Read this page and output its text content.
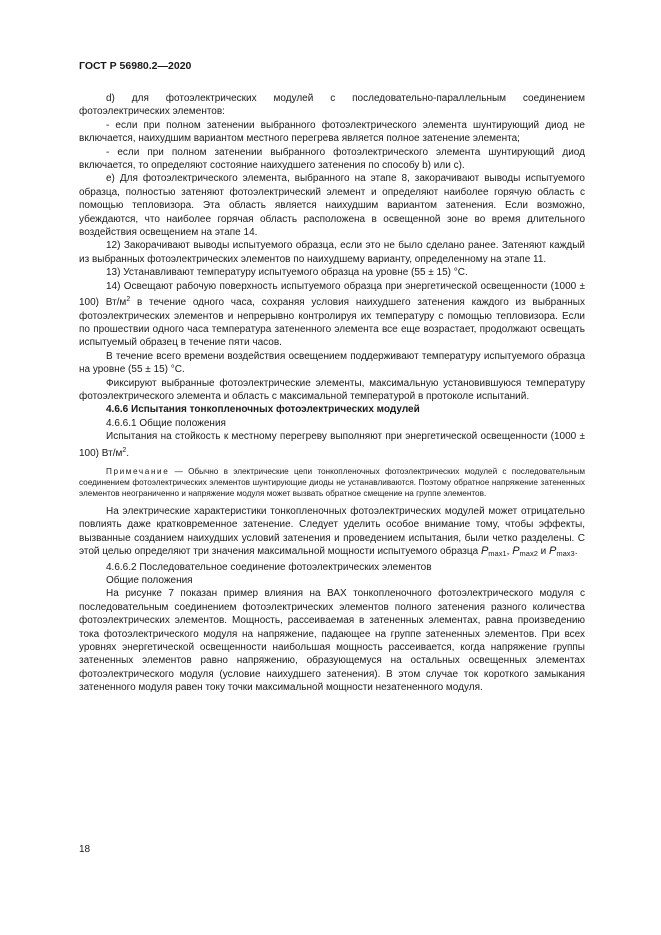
ГОСТ Р 56980.2—2020

d) для фотоэлектрических модулей с последовательно-параллельным соединением фотоэлектрических элементов:

- если при полном затенении выбранного фотоэлектрического элемента шунтирующий диод не включается, наихудшим вариантом местного перегрева является полное затенение элемента;

- если при полном затенении выбранного фотоэлектрического элемента шунтирующий диод включается, то определяют состояние наихудшего затенения по способу b) или c).

e) Для фотоэлектрического элемента, выбранного на этапе 8, закорачивают выводы испытуемого образца, полностью затеняют фотоэлектрический элемент и определяют наиболее горячую область с помощью тепловизора. Эта область является наихудшим вариантом затенения. Если возможно, убеждаются, что наиболее горячая область расположена в освещенной зоне во время длительного воздействия освещением на этапе 14.

12) Закорачивают выводы испытуемого образца, если это не было сделано ранее. Затеняют каждый из выбранных фотоэлектрических элементов по наихудшему варианту, определенному на этапе 11.

13) Устанавливают температуру испытуемого образца на уровне (55 ± 15) °С.

14) Освещают рабочую поверхность испытуемого образца при энергетической освещенности (1000 ± 100) $Вт/м^2$ в течение одного часа, сохраняя условия наихудшего затенения каждого из выбранных фотоэлектрических элементов и непрерывно контролируя их температуру с помощью тепловизора. Если по прошествии одного часа температура затененного элемента все еще возрастает, продолжают освещать испытуемый образец в течение пяти часов.

В течение всего времени воздействия освещением поддерживают температуру испытуемого образца на уровне (55 ± 15) °С.

Фиксируют выбранные фотоэлектрические элементы, максимальную установившуюся температуру фотоэлектрического элемента и область с максимальной температурой в протоколе испытаний.

4.6.6 Испытания тонкопленочных фотоэлектрических модулей

4.6.6.1 Общие положения

Испытания на стойкость к местному перегреву выполняют при энергетической освещенности (1000 ± 100) $Вт/м^2$.

Примечание — Обычно в электрические цепи тонкопленочных фотоэлектрических модулей с последовательным соединением фотоэлектрических элементов шунтирующие диоды не устанавливаются. Поэтому обратное напряжение затененных элементов неограниченно и напряжение модуля может вызвать обратное смещение на группе элементов.

На электрические характеристики тонкопленочных фотоэлектрических модулей может отрицательно повлиять даже кратковременное затенение. Следует уделить особое внимание тому, чтобы эффекты, вызванные созданием наихудших условий затенения и проведением испытания, были четко разделены. С этой целью определяют три значения максимальной мощности испытуемого образца $P_{max1}$, $P_{max2}$ и $P_{max3}$.

4.6.6.2 Последовательное соединение фотоэлектрических элементов

Общие положения

На рисунке 7 показан пример влияния на ВАХ тонкопленочного фотоэлектрического модуля с последовательным соединением фотоэлектрических элементов полного затенения разного количества фотоэлектрических элементов. Мощность, рассеиваемая в затененных элементах, равна произведению тока фотоэлектрического модуля на напряжение, падающее на группе затененных элементов. При всех уровнях энергетической освещенности наибольшая мощность рассеивается, когда напряжение группы затененных элементов равно напряжению, образующемуся на остальных освещенных элементах фотоэлектрического модуля (условие наихудшего затенения). В этом случае ток короткого замыкания затененного модуля равен току точки максимальной мощности незатененного модуля.

18
